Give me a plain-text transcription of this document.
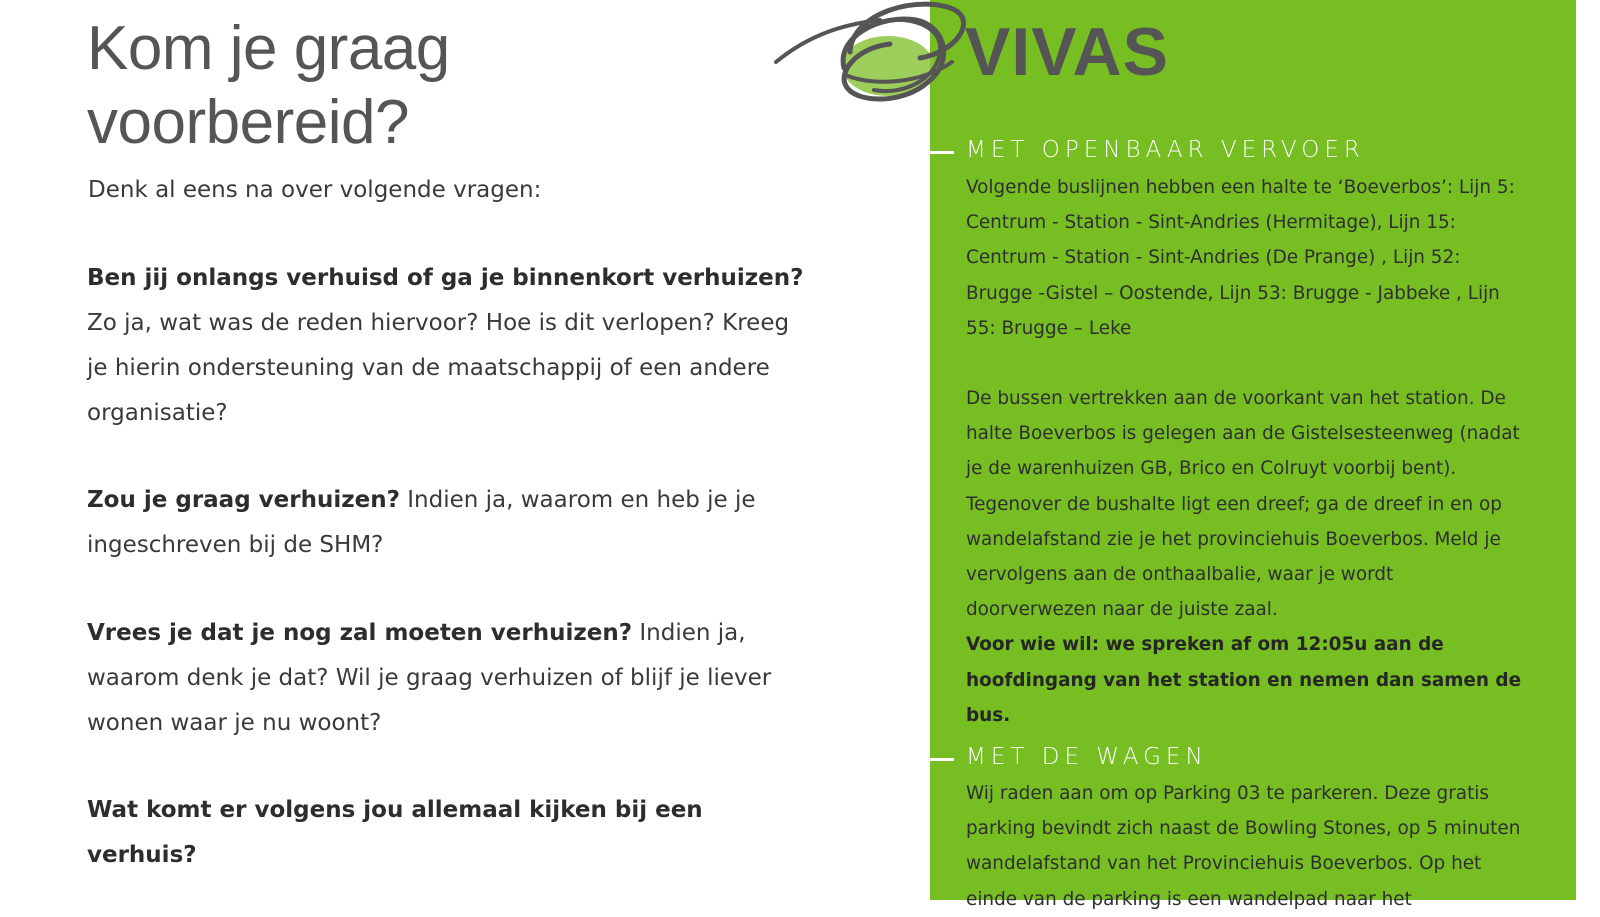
Kom je graag
voorbereid?

Denk al eens na over volgende vragen:

Ben jij onlangs verhuisd of ga je binnenkort verhuizen?
Zo ja, wat was de reden hiervoor? Hoe is dit verlopen? Kreeg je hierin ondersteuning van de maatschappij of een andere organisatie?

Zou je graag verhuizen? Indien ja, waarom en heb je je ingeschreven bij de SHM?

Vrees je dat je nog zal moeten verhuizen? Indien ja, waarom denk je dat? Wil je graag verhuizen of blijf je liever wonen waar je nu woont?

Wat komt er volgens jou allemaal kijken bij een verhuis?

VIVAS

MET OPENBAAR VERVOER

Volgende buslijnen hebben een halte te ‘Boeverbos’: Lijn 5: Centrum - Station - Sint-Andries (Hermitage), Lijn 15: Centrum - Station - Sint-Andries (De Prange) , Lijn 52: Brugge -Gistel – Oostende, Lijn 53: Brugge - Jabbeke , Lijn 55: Brugge – Leke

De bussen vertrekken aan de voorkant van het station. De halte Boeverbos is gelegen aan de Gistelsesteenweg (nadat je de warenhuizen GB, Brico en Colruyt voorbij bent). Tegenover de bushalte ligt een dreef; ga de dreef in en op wandelafstand zie je het provinciehuis Boeverbos. Meld je vervolgens aan de onthaalbalie, waar je wordt doorverwezen naar de juiste zaal.
Voor wie wil: we spreken af om 12:05u aan de hoofdingang van het station en nemen dan samen de bus.

MET DE WAGEN

Wij raden aan om op Parking 03 te parkeren. Deze gratis parking bevindt zich naast de Bowling Stones, op 5 minuten wandelafstand van het Provinciehuis Boeverbos. Op het einde van de parking is een wandelpad naar het
